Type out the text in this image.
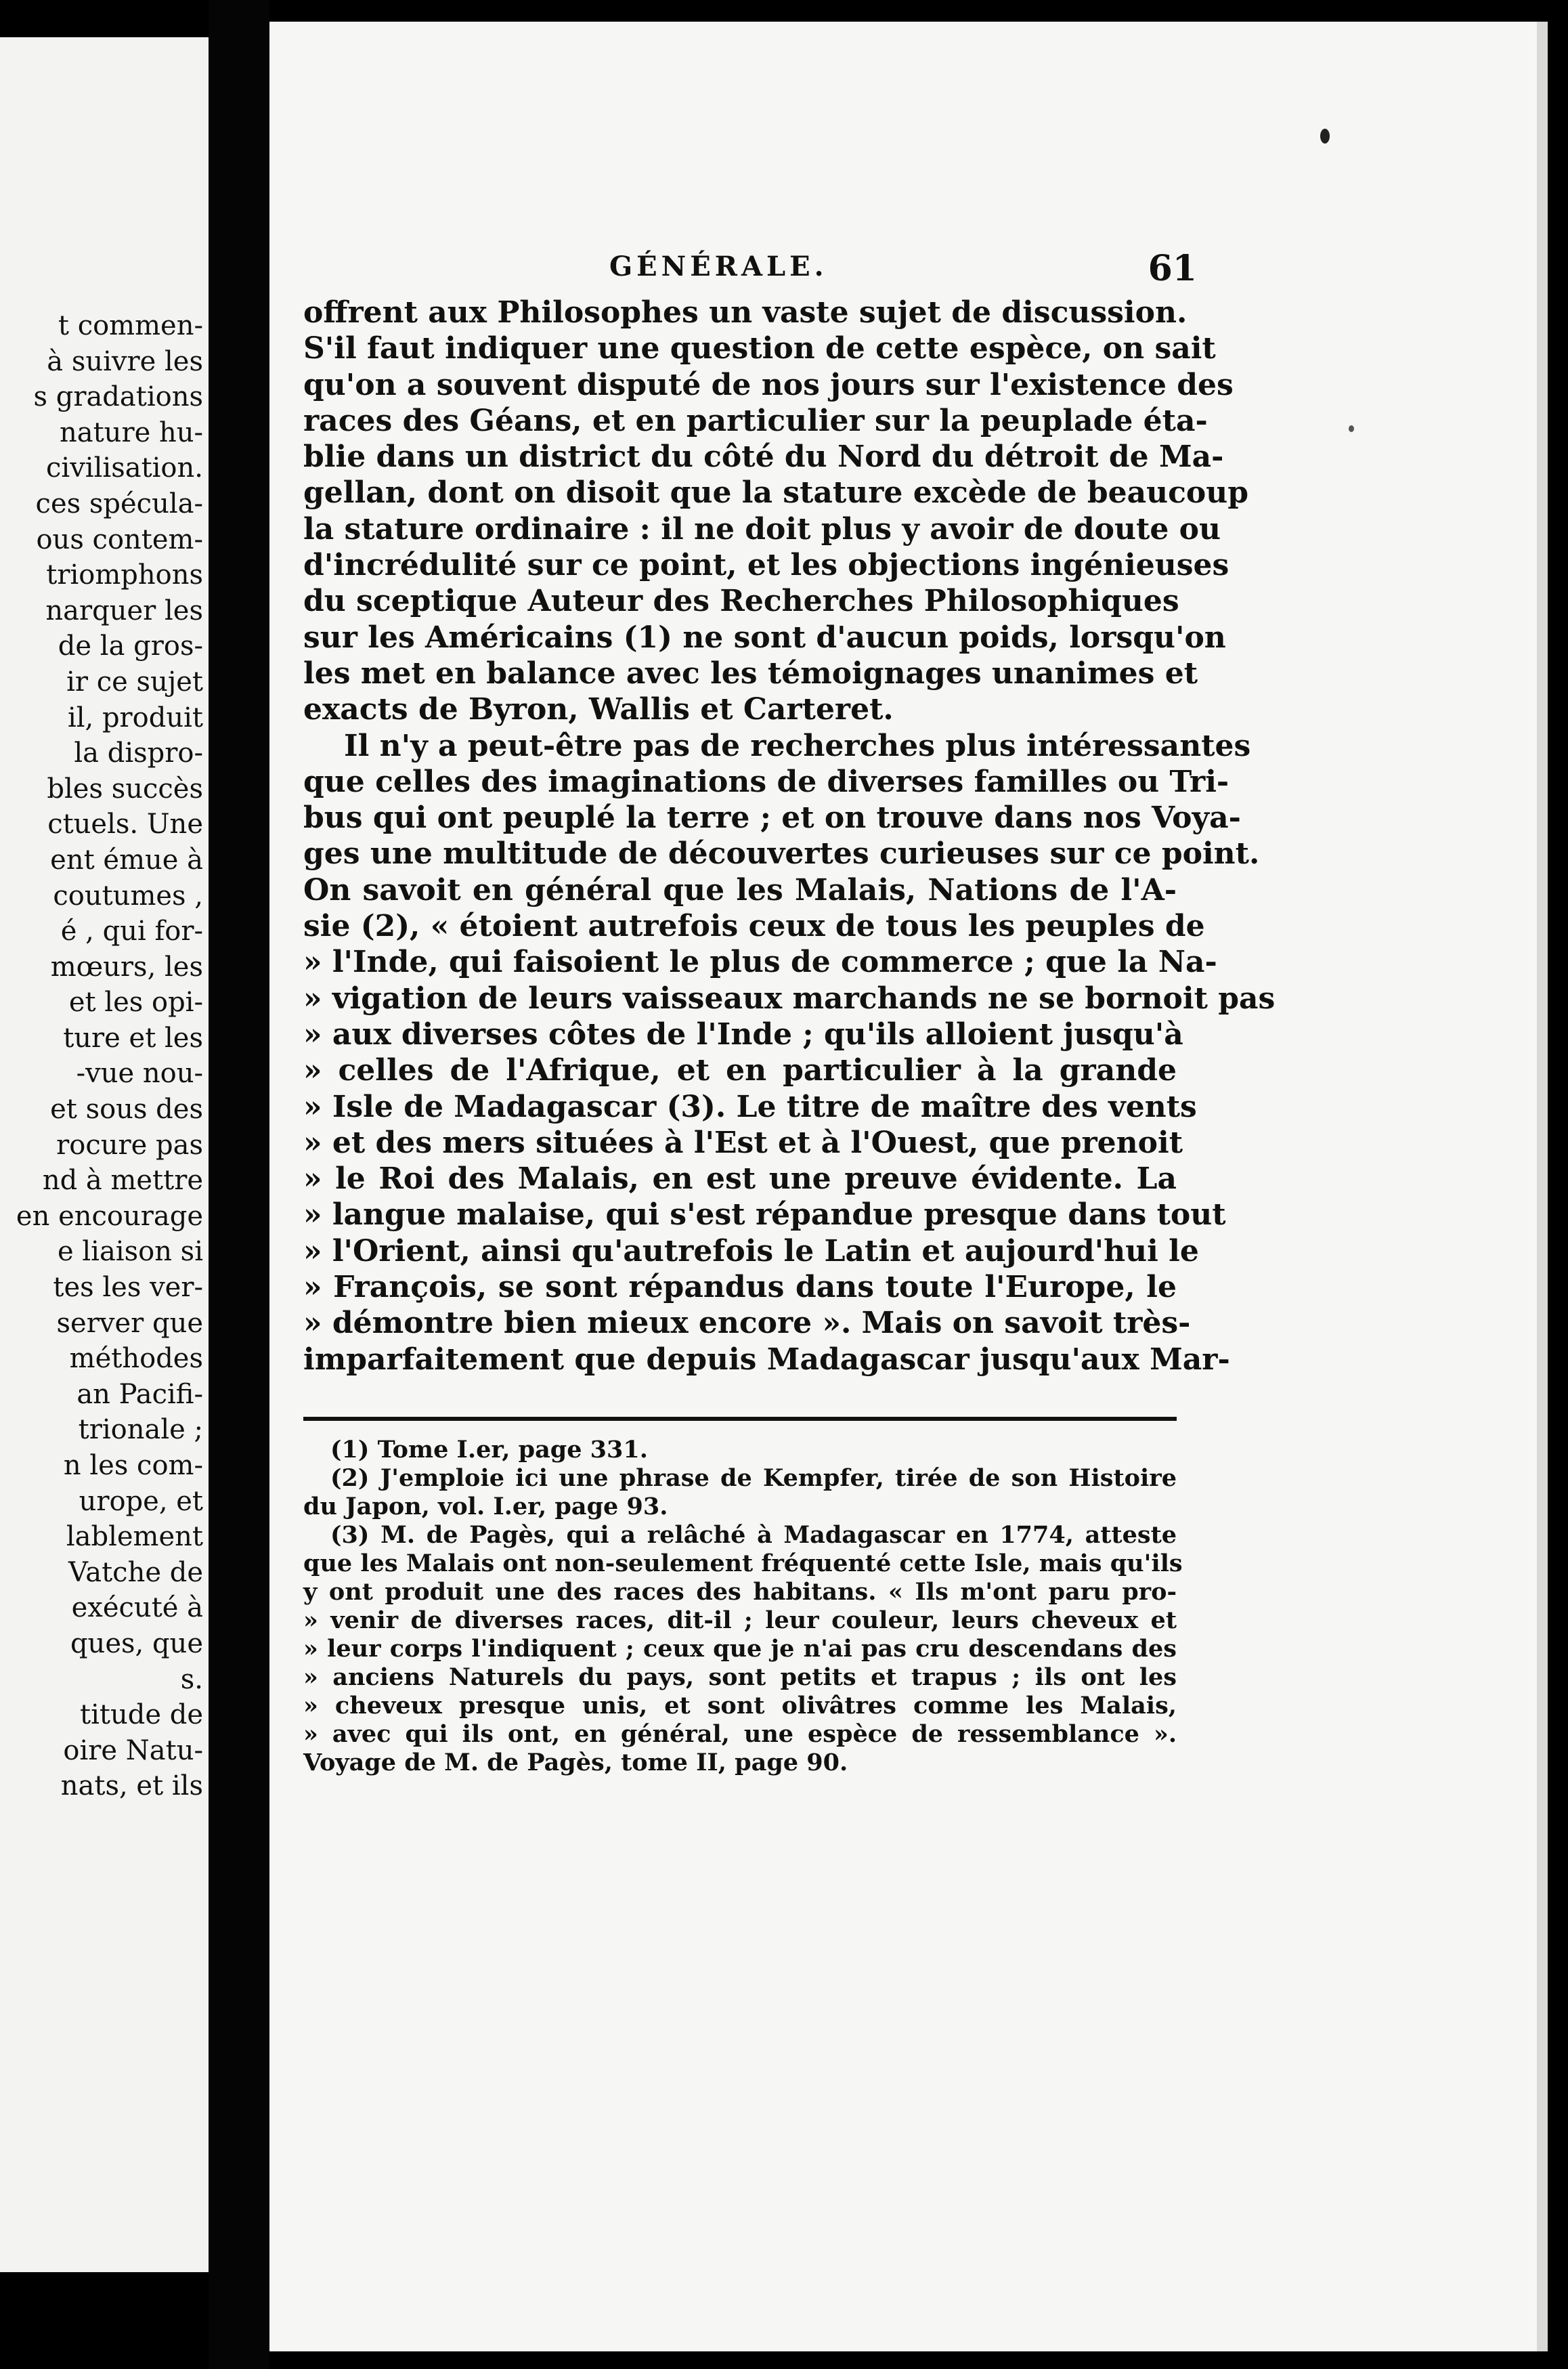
t commen-
à suivre les
s gradations
nature hu-
civilisation.
ces spécula-
ous contem-
triomphons
narquer les
de la gros-
ir ce sujet
il, produit
la dispro-
bles succès
ctuels. Une
ent émue à
coutumes ,
é , qui for-
mœurs, les
et les opi-
ture et les
-vue nou-
et sous des
rocure pas
nd à mettre
en encourage
e liaison si
tes les ver-
server que
méthodes
an Pacifi-
trionale ;
n les com-
urope, et
lablement
Vatche de
exécuté à
ques, que
s.
titude de
oire Natu-
nats, et ils
GÉNÉRALE.	61
offrent aux Philosophes un vaste sujet de discussion.
S'il faut indiquer une question de cette espèce, on sait
qu'on a souvent disputé de nos jours sur l'existence des
races des Géans, et en particulier sur la peuplade éta-
blie dans un district du côté du Nord du détroit de Ma-
gellan, dont on disoit que la stature excède de beaucoup
la stature ordinaire : il ne doit plus y avoir de doute ou
d'incrédulité sur ce point, et les objections ingénieuses
du sceptique Auteur des Recherches Philosophiques
sur les Américains (1) ne sont d'aucun poids, lorsqu'on
les met en balance avec les témoignages unanimes et
exacts de Byron, Wallis et Carteret.
Il n'y a peut-être pas de recherches plus intéressantes
que celles des imaginations de diverses familles ou Tri-
bus qui ont peuplé la terre ; et on trouve dans nos Voya-
ges une multitude de découvertes curieuses sur ce point.
On savoit en général que les Malais, Nations de l'A-
sie (2), « étoient autrefois ceux de tous les peuples de
» l'Inde, qui faisoient le plus de commerce ; que la Na-
» vigation de leurs vaisseaux marchands ne se bornoit pas
» aux diverses côtes de l'Inde ; qu'ils alloient jusqu'à
» celles de l'Afrique, et en particulier à la grande
» Isle de Madagascar (3). Le titre de maître des vents
» et des mers situées à l'Est et à l'Ouest, que prenoit
» le Roi des Malais, en est une preuve évidente. La
» langue malaise, qui s'est répandue presque dans tout
» l'Orient, ainsi qu'autrefois le Latin et aujourd'hui le
» François, se sont répandus dans toute l'Europe, le
» démontre bien mieux encore ». Mais on savoit très-
imparfaitement que depuis Madagascar jusqu'aux Mar-
(1) Tome I.er, page 331.
(2) J'emploie ici une phrase de Kempfer, tirée de son Histoire
du Japon, vol. I.er, page 93.
(3) M. de Pagès, qui a relâché à Madagascar en 1774, atteste
que les Malais ont non-seulement fréquenté cette Isle, mais qu'ils
y ont produit une des races des habitans. « Ils m'ont paru pro-
» venir de diverses races, dit-il ; leur couleur, leurs cheveux et
» leur corps l'indiquent ; ceux que je n'ai pas cru descendans des
» anciens Naturels du pays, sont petits et trapus ; ils ont les
» cheveux presque unis, et sont olivâtres comme les Malais,
» avec qui ils ont, en général, une espèce de ressemblance ».
Voyage de M. de Pagès, tome II, page 90.
